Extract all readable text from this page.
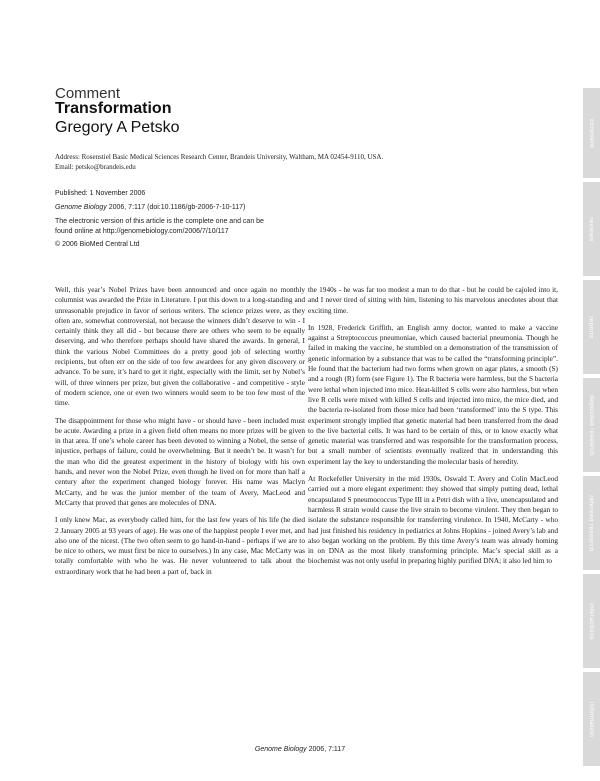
Comment
Transformation
Gregory A Petsko

Address: Rosenstiel Basic Medical Sciences Research Center, Brandeis University, Waltham, MA 02454-9110, USA.

Email: petsko@brandeis.edu

Published: 1 November 2006

Genome Biology 2006, 7:117 (doi:10.1186/gb-2006-7-10-117)

The electronic version of this article is the complete one and can be

found online at http://genomebiology.com/2006/7/10/117

© 2006 BioMed Central Ltd

Well, this year’s Nobel Prizes have been announced and once again no monthly columnist was awarded the Prize in Literature. I put this down to a long-standing and unreasonable prejudice in favor of serious writers. The science prizes were, as they often are, somewhat controversial, not because the winners didn’t deserve to win - I certainly think they all did - but because there are others who seem to be equally deserving, and who therefore perhaps should have shared the awards. In general, I think the various Nobel Committees do a pretty good job of selecting worthy recipients, but often err on the side of too few awardees for any given discovery or advance. To be sure, it’s hard to get it right, especially with the limit, set by Nobel’s will, of three winners per prize, but given the collaborative - and competitive - style of modern science, one or even two winners would seem to be too few most of the time.

The disappointment for those who might have - or should have - been included must be acute. Awarding a prize in a given field often means no more prizes will be given in that area. If one’s whole career has been devoted to winning a Nobel, the sense of injustice, perhaps of failure, could be overwhelming. But it needn’t be. It wasn’t for the man who did the greatest experiment in the history of biology with his own hands, and never won the Nobel Prize, even though he lived on for more than half a century after the experiment changed biology forever. His name was Maclyn McCarty, and he was the junior member of the team of Avery, MacLeod and McCarty that proved that genes are molecules of DNA.

I only knew Mac, as everybody called him, for the last few years of his life (he died 2 January 2005 at 93 years of age). He was one of the happiest people I ever met, and also one of the nicest. (The two often seem to go hand-in-hand - perhaps if we are to be nice to others, we must first be nice to ourselves.) In any case, Mac McCarty was totally comfortable with who he was. He never volunteered to talk about the extraordinary work that he had been a part of, back in

the 1940s - he was far too modest a man to do that - but he could be cajoled into it, and I never tired of sitting with him, listening to his marvelous anecdotes about that exciting time.

In 1928, Frederick Griffith, an English army doctor, wanted to make a vaccine against a Streptococcus pneumoniae, which caused bacterial pneumonia. Though he failed in making the vaccine, he stumbled on a demonstration of the transmission of genetic information by a substance that was to be called the “transforming principle”. He found that the bacterium had two forms when grown on agar plates, a smooth (S) and a rough (R) form (see Figure 1). The R bacteria were harmless, but the S bacteria were lethal when injected into mice. Heat-killed S cells were also harmless, but when live R cells were mixed with killed S cells and injected into mice, the mice died, and the bacteria re-isolated from those mice had been ‘transformed’ into the S type. This experiment strongly implied that genetic material had been transferred from the dead to the live bacterial cells. It was hard to be certain of this, or to know exactly what genetic material was transferred and was responsible for the transformation process, but a small number of scientists eventually realized that in understanding this experiment lay the key to understanding the molecular basis of heredity.

At Rockefeller University in the mid 1930s, Oswald T. Avery and Colin MacLeod carried out a more elegant experiment: they showed that simply putting dead, lethal encapsulated S pneumococcus Type III in a Petri dish with a live, unencapsulated and harmless R strain would cause the live strain to become virulent. They then began to isolate the substance responsible for transferring virulence. In 1940, McCarty - who had just finished his residency in pediatrics at Johns Hopkins - joined Avery’s lab and also began working on the problem. By this time Avery’s team was already homing in on DNA as the most likely transforming principle. Mac’s special skill as a biochemist was not only useful in preparing highly purified DNA; it also led him to

Genome Biology 2006, 7:117
comment
reviews
reports
deposited research
refereed research
interactions
information
